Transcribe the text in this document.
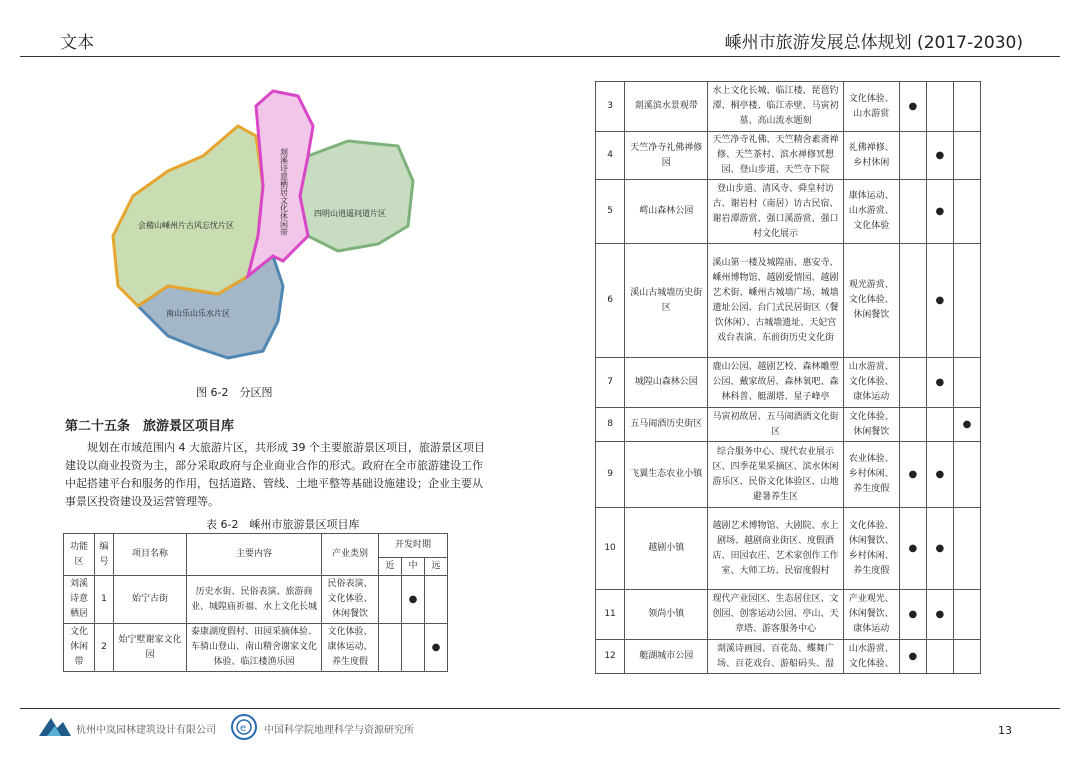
文本	嵊州市旅游发展总体规划 (2017-2030)
会稽山嵊州片古风忘忧片区
四明山逍遥问道片区
南山乐山乐水片区
剡溪诗意栖居文化休闲带
图 6-2　分区图
第二十五条　旅游景区项目库
规划在市域范围内 4 大旅游片区，共形成 39 个主要旅游景区项目，旅游景区项目建设以商业投资为主，部分采取政府与企业商业合作的形式。政府在全市旅游建设工作中起搭建平台和服务的作用，包括道路、管线、土地平整等基础设施建设；企业主要从事景区投资建设及运营管理等。
表 6-2　嵊州市旅游景区项目库
功能区	编号	项目名称	主要内容	产业类别	开发时期		
					近	中	远
刘溪诗意栖居	1	始宁古街	历史水街、民俗表演、旅游商业、城隍庙祈福、水上文化长城	民俗表演、文化体验、休闲餐饮		●	
文化休闲带	2	始宁墅谢家文化园	泰康湖度假村、田园采摘体验、车骑山登山、南山精舍谢家文化体验、临江楼渔乐园	文化体验、康体运动、养生度假			●
3	剡溪滨水景观带	水上文化长城、临江楼、琵琶钓潭、桐亭楼、临江赤壁、马寅初墓、高山流水题刻	文化体验、山水游赏	●		
4	天竺净寺礼佛禅修园	天竺净寺礼佛、天竺精舍素斋禅修、天竺茶村、滨水禅修冥想园、登山步道、天竺寺下院	礼佛禅修、乡村休闲		●	
5	嶀山森林公园	登山步道、清风寺、舜皇村访古、谢岩村（南居）访古民宿、谢岩潭游赏、强口溪游赏、强口村文化展示	康体运动、山水游赏、文化体验		●	
6	溪山古城墙历史街区	溪山第一楼及城隍庙、惠安寺、嵊州博物馆、越剧爱情园、越剧艺术街、嵊州古城墙广场、城墙遗址公园、台门式民居街区（餐饮休闲）、古城墙遗址、天妃宫戏台表演、东前街历史文化街	观光游赏、文化体验、休闲餐饮		●	
7	城隍山森林公园	鹿山公园、越剧艺校、森林雕塑公园、戴家故居、森林氧吧、森林科普、艇湖塔、星子峰亭	山水游赏、文化体验、康体运动		●	
8	五马闹酒历史街区	马寅初故居、五马闹酒酒文化街区	文化体验、休闲餐饮			●
9	飞翼生态农业小镇	综合服务中心、现代农业展示区、四季花果采摘区、滨水休闲游乐区、民俗文化体验区、山地避暑养生区	农业体验、乡村休闲、养生度假	●	●	
10	越剧小镇	越剧艺术博物馆、大剧院、水上剧场、越剧商业街区、度假酒店、田园农庄、艺术家创作工作室、大师工坊、民宿度假村	文化体验、休闲餐饮、乡村休闲、养生度假	●	●	
11	领尚小镇	现代产业园区、生态居住区、文创园、创客运动公园、亭山、天章塔、游客服务中心	产业观光、休闲餐饮、康体运动	●	●	
12	艇湖城市公园	剡溪诗画园、百花岛、蝶舞广场、百花戏台、游船码头、湿	山水游赏、文化体验、	●		
杭州中岚园林建筑设计有限公司 e 中国科学院地理科学与资源研究所	13
